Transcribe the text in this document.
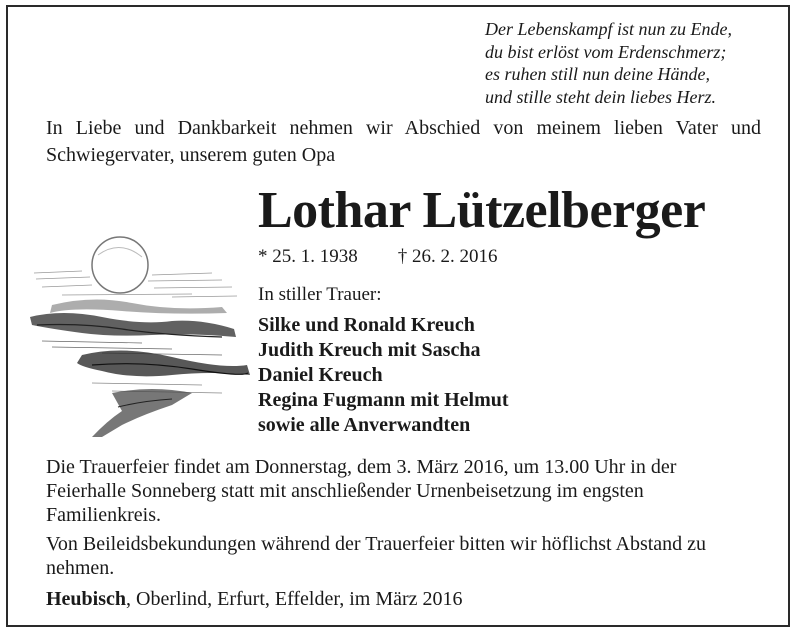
Der Lebenskampf ist nun zu Ende,
du bist erlöst vom Erdenschmerz;
es ruhen still nun deine Hände,
und stille steht dein liebes Herz.
In Liebe und Dankbarkeit nehmen wir Abschied von meinem lieben Vater und Schwiegervater, unserem guten Opa
Lothar Lützelberger
* 25. 1. 1938 † 26. 2. 2016
In stiller Trauer:
Silke und Ronald Kreuch
Judith Kreuch mit Sascha
Daniel Kreuch
Regina Fugmann mit Helmut
sowie alle Anverwandten

Die Trauerfeier findet am Donnerstag, dem 3. März 2016, um 13.00 Uhr in der Feierhalle Sonneberg statt mit anschließender Urnenbeisetzung im engsten Familienkreis.

Von Beileidsbekundungen während der Trauerfeier bitten wir höflichst Abstand zu nehmen.

Heubisch, Oberlind, Erfurt, Effelder, im März 2016
